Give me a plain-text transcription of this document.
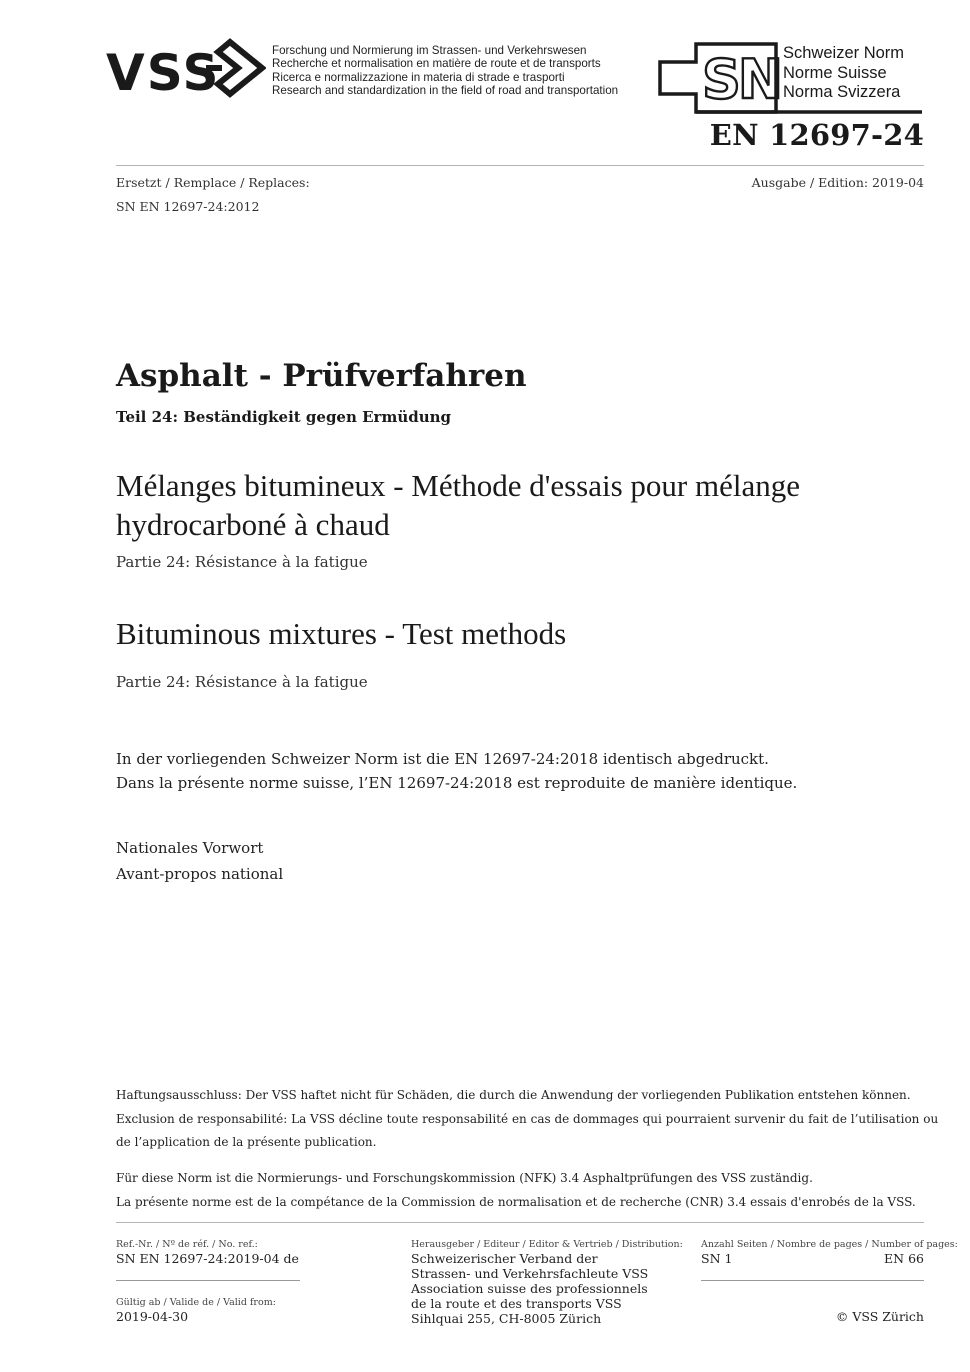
VSS	Forschung und Normierung im Strassen- und Verkehrswesen
Recherche et normalisation en matière de route et de transports
Ricerca e normalizzazione in materia di strade e trasporti
Research and standardization in the field of road and transportation SN Schweizer Norm
Norme Suisse
Norma Svizzera
EN 12697-24
Ersetzt / Remplace / Replaces:
SN EN 12697-24:2012
Ausgabe / Edition: 2019-04
Asphalt - Prüfverfahren
Teil 24: Beständigkeit gegen Ermüdung
Mélanges bitumineux - Méthode d'essais pour mélange hydrocarboné à chaud
Partie 24: Résistance à la fatigue
Bituminous mixtures - Test methods
Partie 24: Résistance à la fatigue
In der vorliegenden Schweizer Norm ist die EN 12697-24:2018 identisch abgedruckt.
Dans la présente norme suisse, l’EN 12697-24:2018 est reproduite de manière identique.
Nationales Vorwort
Avant-propos national
Haftungsausschluss: Der VSS haftet nicht für Schäden, die durch die Anwendung der vorliegenden Publikation entstehen können.
Exclusion de responsabilité: La VSS décline toute responsabilité en cas de dommages qui pourraient survenir du fait de l’utilisation ou
de l’application de la présente publication.
Für diese Norm ist die Normierungs- und Forschungskommission (NFK) 3.4 Asphaltprüfungen des VSS zuständig.
La présente norme est de la compétance de la Commission de normalisation et de recherche (CNR) 3.4 essais d'enrobés de la VSS.
Ref.-Nr. / Nº de réf. / No. ref.:
SN EN 12697-24:2019-04 de
Gültig ab / Valide de / Valid from:
2019-04-30
Herausgeber / Editeur / Editor & Vertrieb / Distribution:
Schweizerischer Verband der
Strassen- und Verkehrsfachleute VSS
Association suisse des professionnels
de la route et des transports VSS
Sihlquai 255, CH-8005 Zürich
Anzahl Seiten / Nombre de pages / Number of pages:
SN 1	EN 66
© VSS Zürich
